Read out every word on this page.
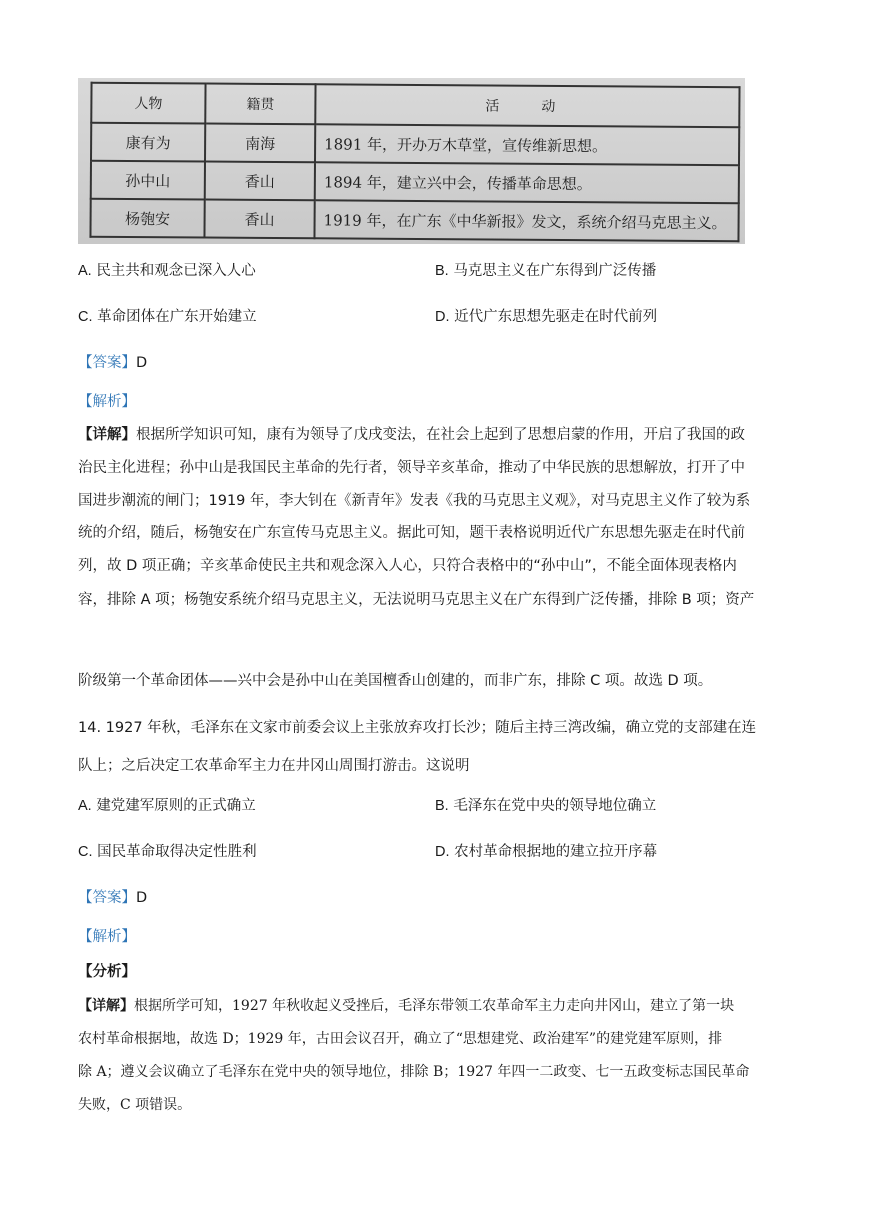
人物	籍贯	活　动
康有为	南海	1891 年，开办万木草堂，宣传维新思想。
孙中山	香山	1894 年，建立兴中会，传播革命思想。
杨匏安	香山	1919 年，在广东《中华新报》发文，系统介绍马克思主义。
A. 民主共和观念已深入人心	B. 马克思主义在广东得到广泛传播
C. 革命团体在广东开始建立	D. 近代广东思想先驱走在时代前列
【答案】D
【解析】
【详解】根据所学知识可知，康有为领导了戊戌变法，在社会上起到了思想启蒙的作用，开启了我国的政
治民主化进程；孙中山是我国民主革命的先行者，领导辛亥革命，推动了中华民族的思想解放，打开了中
国进步潮流的闸门；1919 年，李大钊在《新青年》发表《我的马克思主义观》，对马克思主义作了较为系
统的介绍，随后，杨匏安在广东宣传马克思主义。据此可知，题干表格说明近代广东思想先驱走在时代前
列，故 D 项正确；辛亥革命使民主共和观念深入人心，只符合表格中的“孙中山”，不能全面体现表格内
容，排除 A 项；杨匏安系统介绍马克思主义，无法说明马克思主义在广东得到广泛传播，排除 B 项；资产
阶级第一个革命团体——兴中会是孙中山在美国檀香山创建的，而非广东，排除 C 项。故选 D 项。
14. 1927 年秋，毛泽东在文家市前委会议上主张放弃攻打长沙；随后主持三湾改编，确立党的支部建在连
队上；之后决定工农革命军主力在井冈山周围打游击。这说明
A. 建党建军原则的正式确立	B. 毛泽东在党中央的领导地位确立
C. 国民革命取得决定性胜利	D. 农村革命根据地的建立拉开序幕
【答案】D
【解析】
【分析】
【详解】根据所学可知，1927 年秋收起义受挫后，毛泽东带领工农革命军主力走向井冈山，建立了第一块
农村革命根据地，故选 D；1929 年，古田会议召开，确立了“思想建党、政治建军”的建党建军原则，排
除 A；遵义会议确立了毛泽东在党中央的领导地位，排除 B；1927 年四一二政变、七一五政变标志国民革命
失败，C 项错误。
